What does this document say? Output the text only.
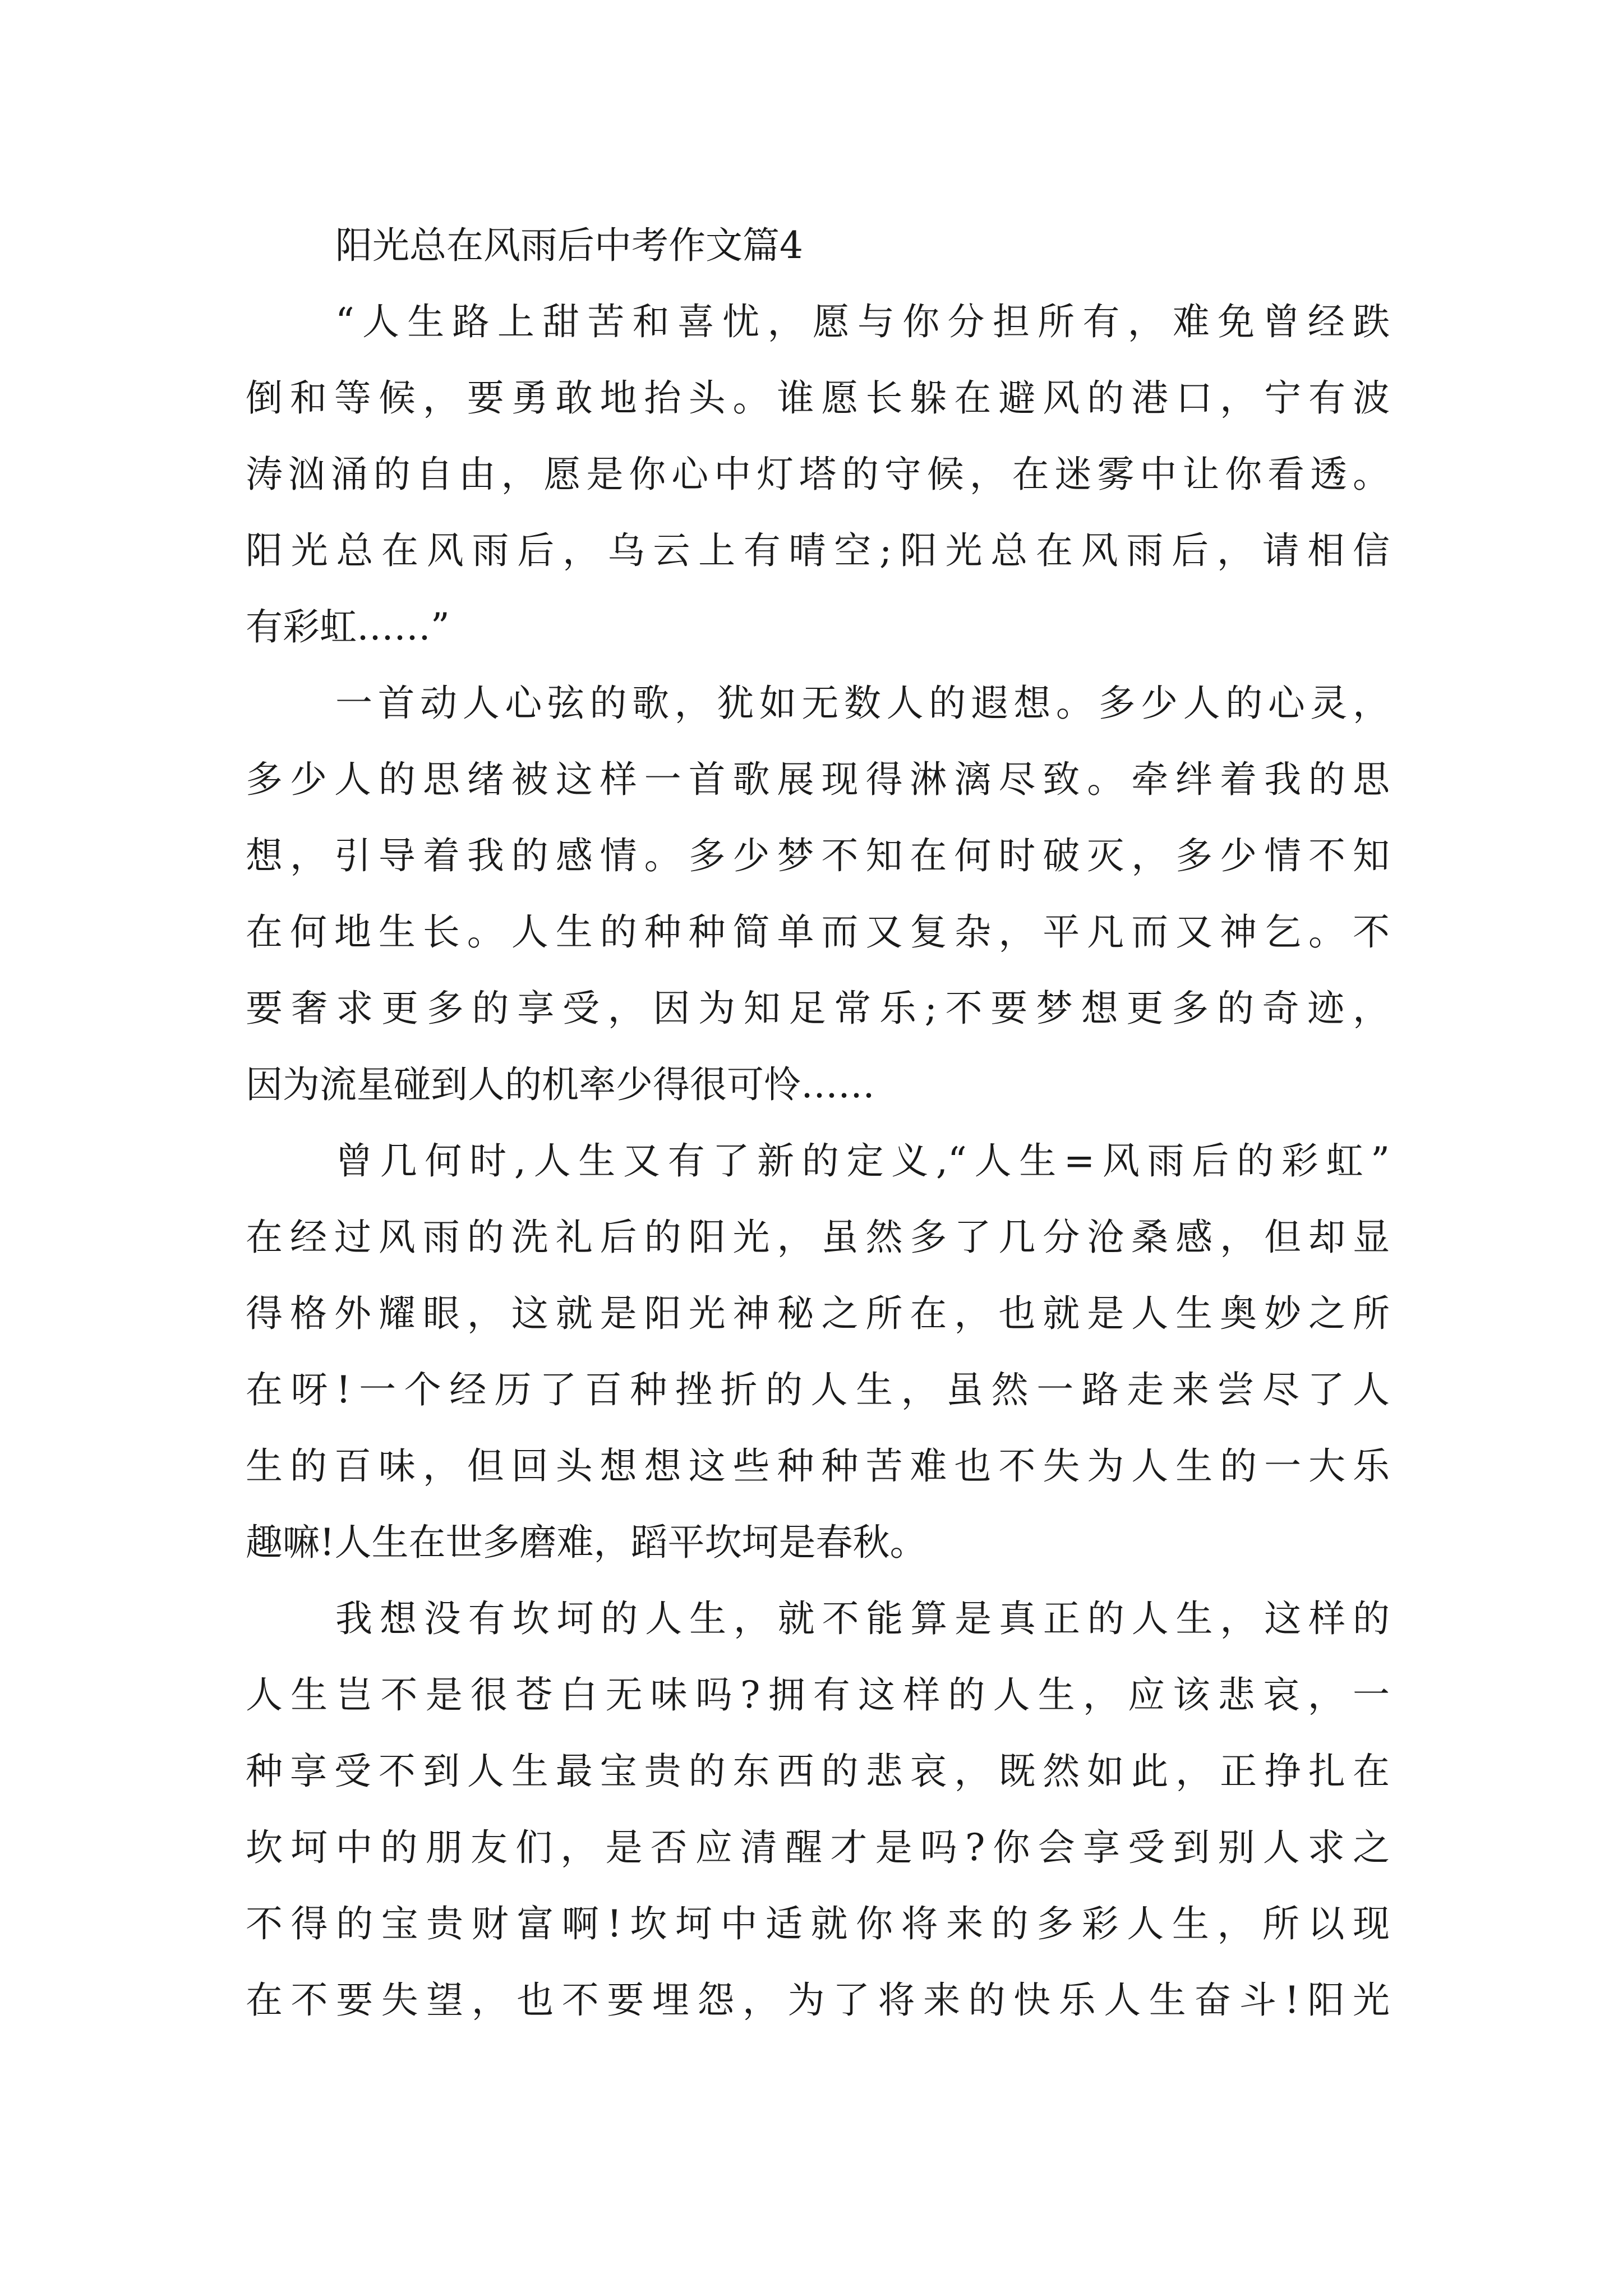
阳光总在风雨后中考作文篇4
“人生路上甜苦和喜忧，愿与你分担所有，难免曾经跌
倒和等候，要勇敢地抬头。谁愿长躲在避风的港口，宁有波
涛汹涌的自由，愿是你心中灯塔的守候，在迷雾中让你看透。
阳光总在风雨后，乌云上有晴空;阳光总在风雨后，请相信
有彩虹……”
一首动人心弦的歌，犹如无数人的遐想。多少人的心灵，
多少人的思绪被这样一首歌展现得淋漓尽致。牵绊着我的思
想，引导着我的感情。多少梦不知在何时破灭，多少情不知
在何地生长。人生的种种简单而又复杂，平凡而又神乞。不
要奢求更多的享受，因为知足常乐;不要梦想更多的奇迹，
因为流星碰到人的机率少得很可怜……
曾几何时,人生又有了新的定义,“人生=风雨后的彩虹”
在经过风雨的洗礼后的阳光，虽然多了几分沧桑感，但却显
得格外耀眼，这就是阳光神秘之所在，也就是人生奥妙之所
在呀!一个经历了百种挫折的人生，虽然一路走来尝尽了人
生的百味，但回头想想这些种种苦难也不失为人生的一大乐
趣嘛!人生在世多磨难，蹈平坎坷是春秋。
我想没有坎坷的人生，就不能算是真正的人生，这样的
人生岂不是很苍白无味吗?拥有这样的人生，应该悲哀，一
种享受不到人生最宝贵的东西的悲哀，既然如此，正挣扎在
坎坷中的朋友们，是否应清醒才是吗?你会享受到别人求之
不得的宝贵财富啊!坎坷中适就你将来的多彩人生，所以现
在不要失望，也不要埋怨，为了将来的快乐人生奋斗!阳光
